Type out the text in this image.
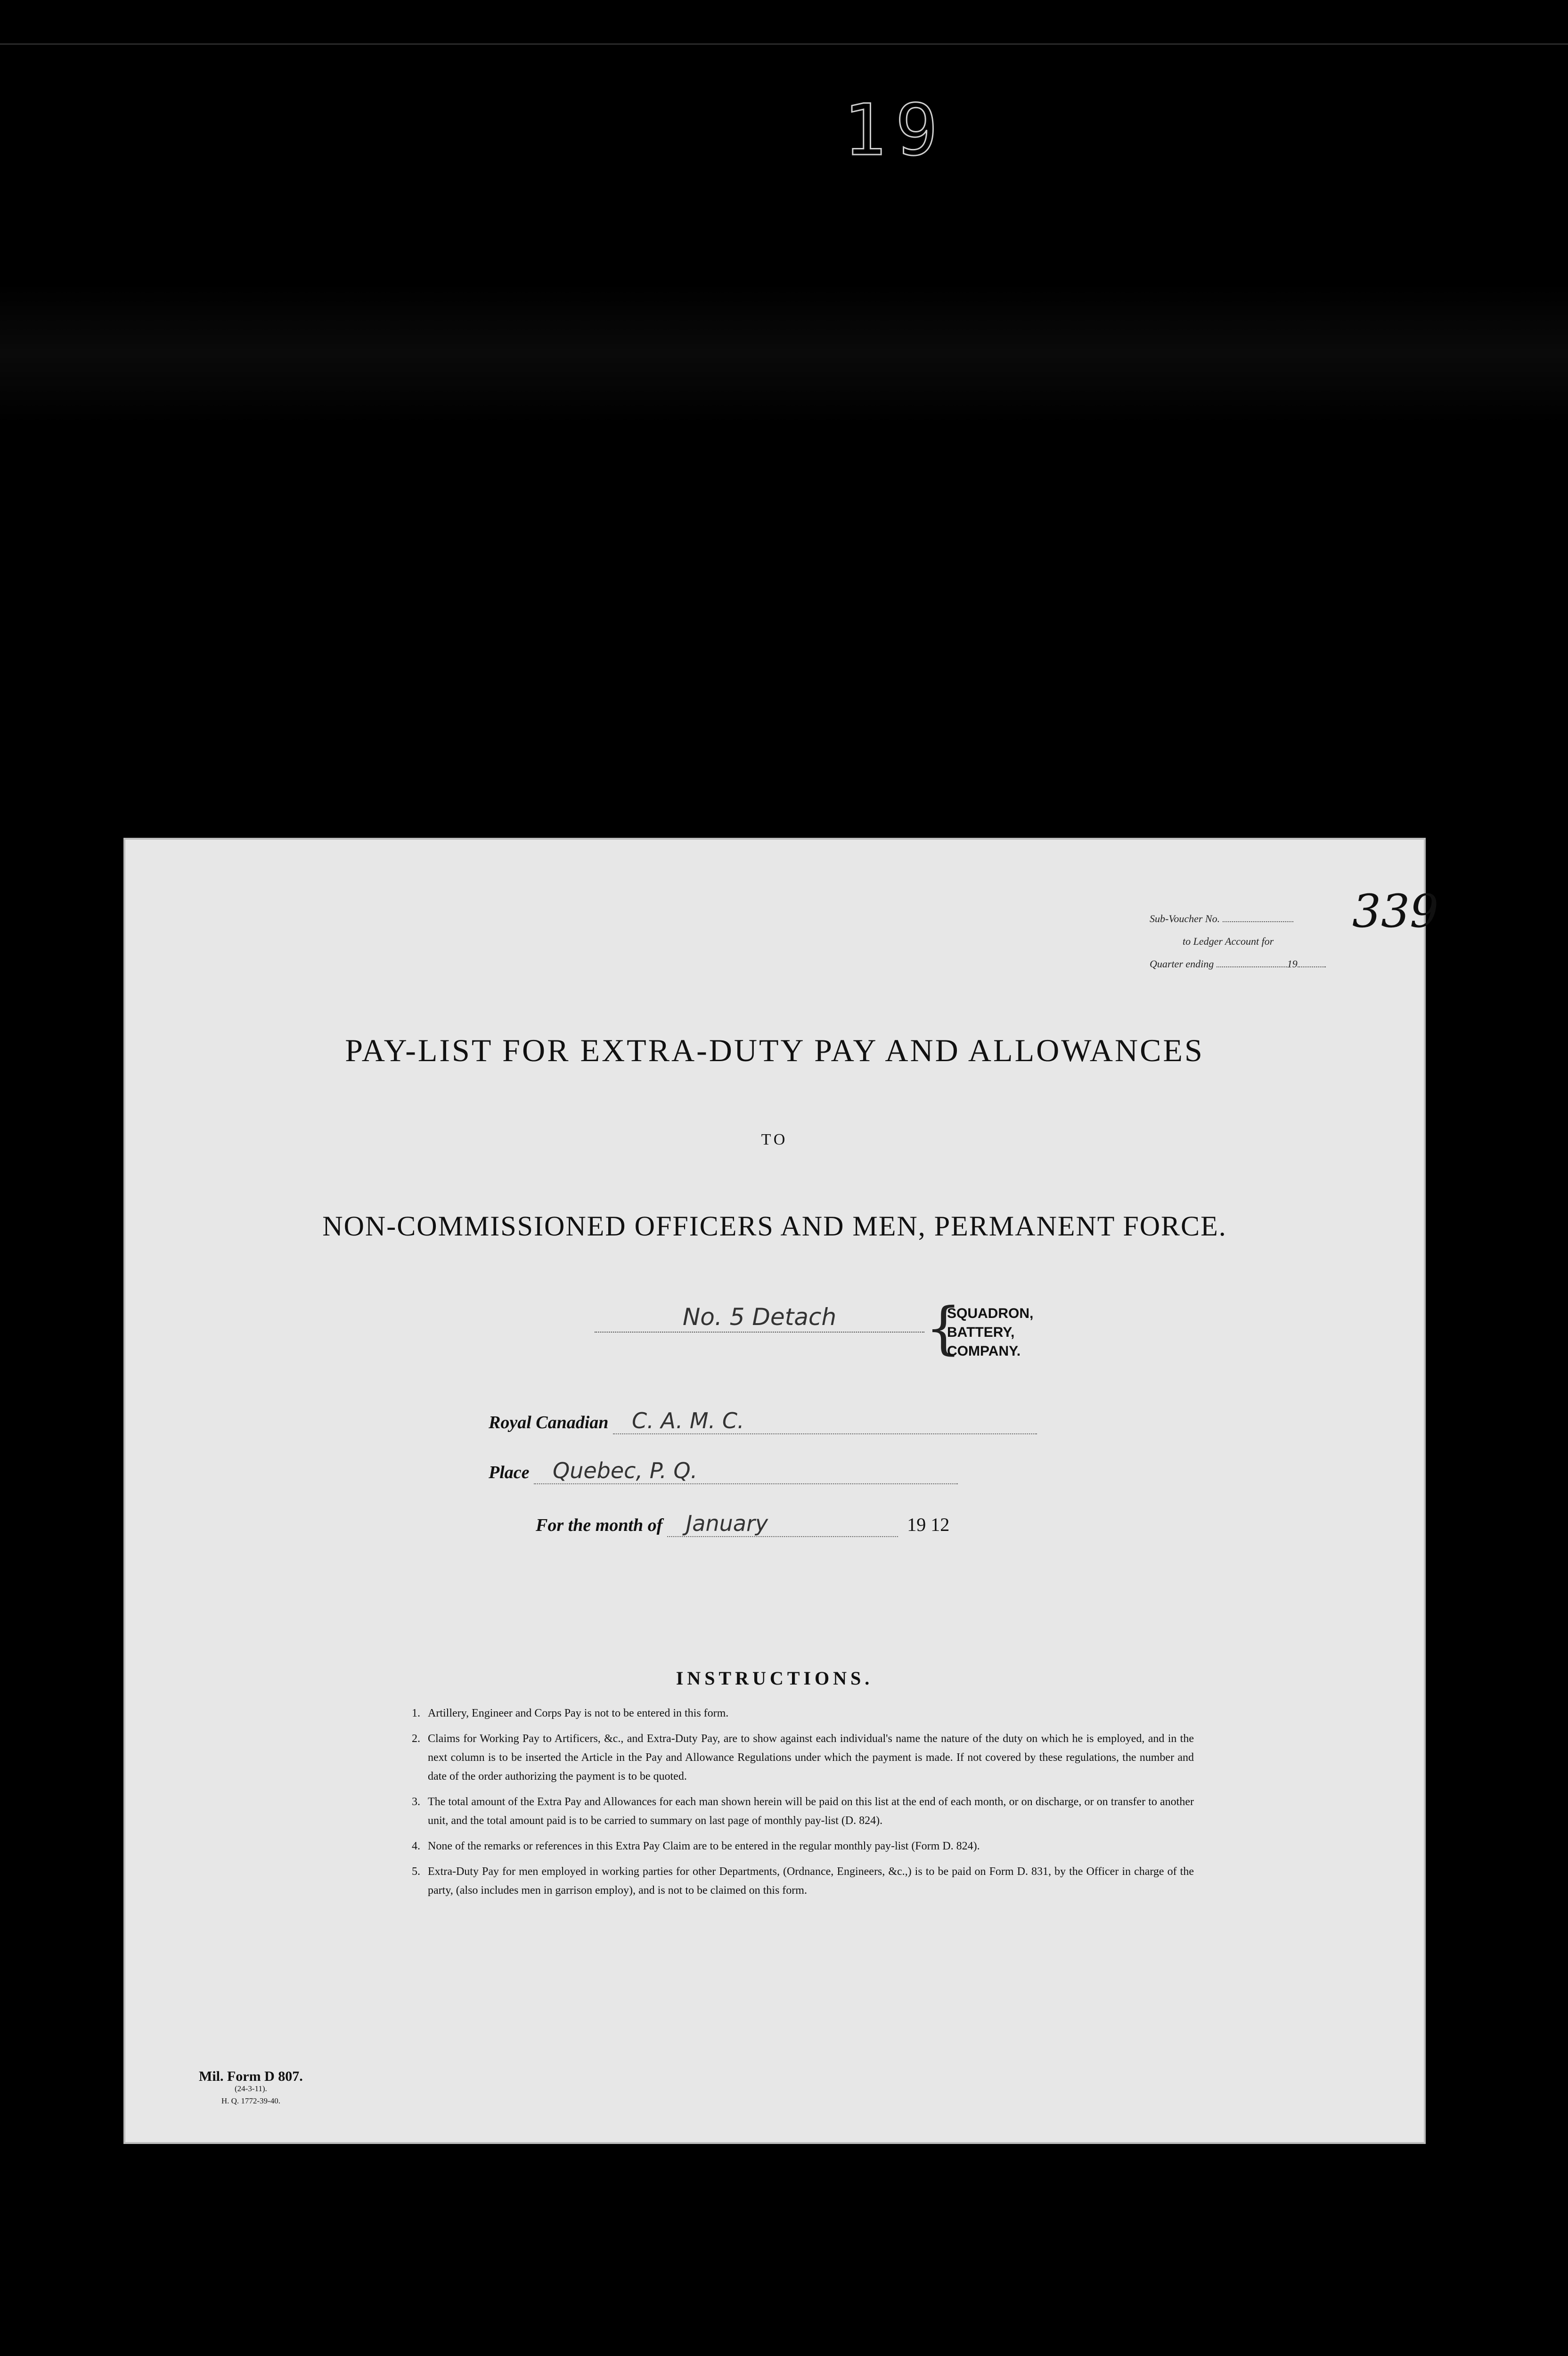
19
Sub-Voucher No.
to Ledger Account for
Quarter ending	19
339
PAY-LIST FOR EXTRA-DUTY PAY AND ALLOWANCES
TO
NON-COMMISSIONED OFFICERS AND MEN, PERMANENT FORCE.
No. 5 Detach	{
SQUADRON,
BATTERY,
COMPANY.
Royal Canadian C. A. M. C.
Place Quebec, P. Q.
For the month of January	19 12
INSTRUCTIONS.
1. Artillery, Engineer and Corps Pay is not to be entered in this form.
2. Claims for Working Pay to Artificers, &c., and Extra-Duty Pay, are to show against each individual's name the nature of the duty on which he is employed, and in the next column is to be inserted the Article in the Pay and Allowance Regulations under which the payment is made. If not covered by these regulations, the number and date of the order authorizing the payment is to be quoted.
3. The total amount of the Extra Pay and Allowances for each man shown herein will be paid on this list at the end of each month, or on discharge, or on transfer to another unit, and the total amount paid is to be carried to summary on last page of monthly pay-list (D. 824).
4. None of the remarks or references in this Extra Pay Claim are to be entered in the regular monthly pay-list (Form D. 824).
5. Extra-Duty Pay for men employed in working parties for other Departments, (Ordnance, Engineers, &c.,) is to be paid on Form D. 831, by the Officer in charge of the party, (also includes men in garrison employ), and is not to be claimed on this form.
Mil. Form D 807.
(24-3-11).
H. Q. 1772-39-40.
